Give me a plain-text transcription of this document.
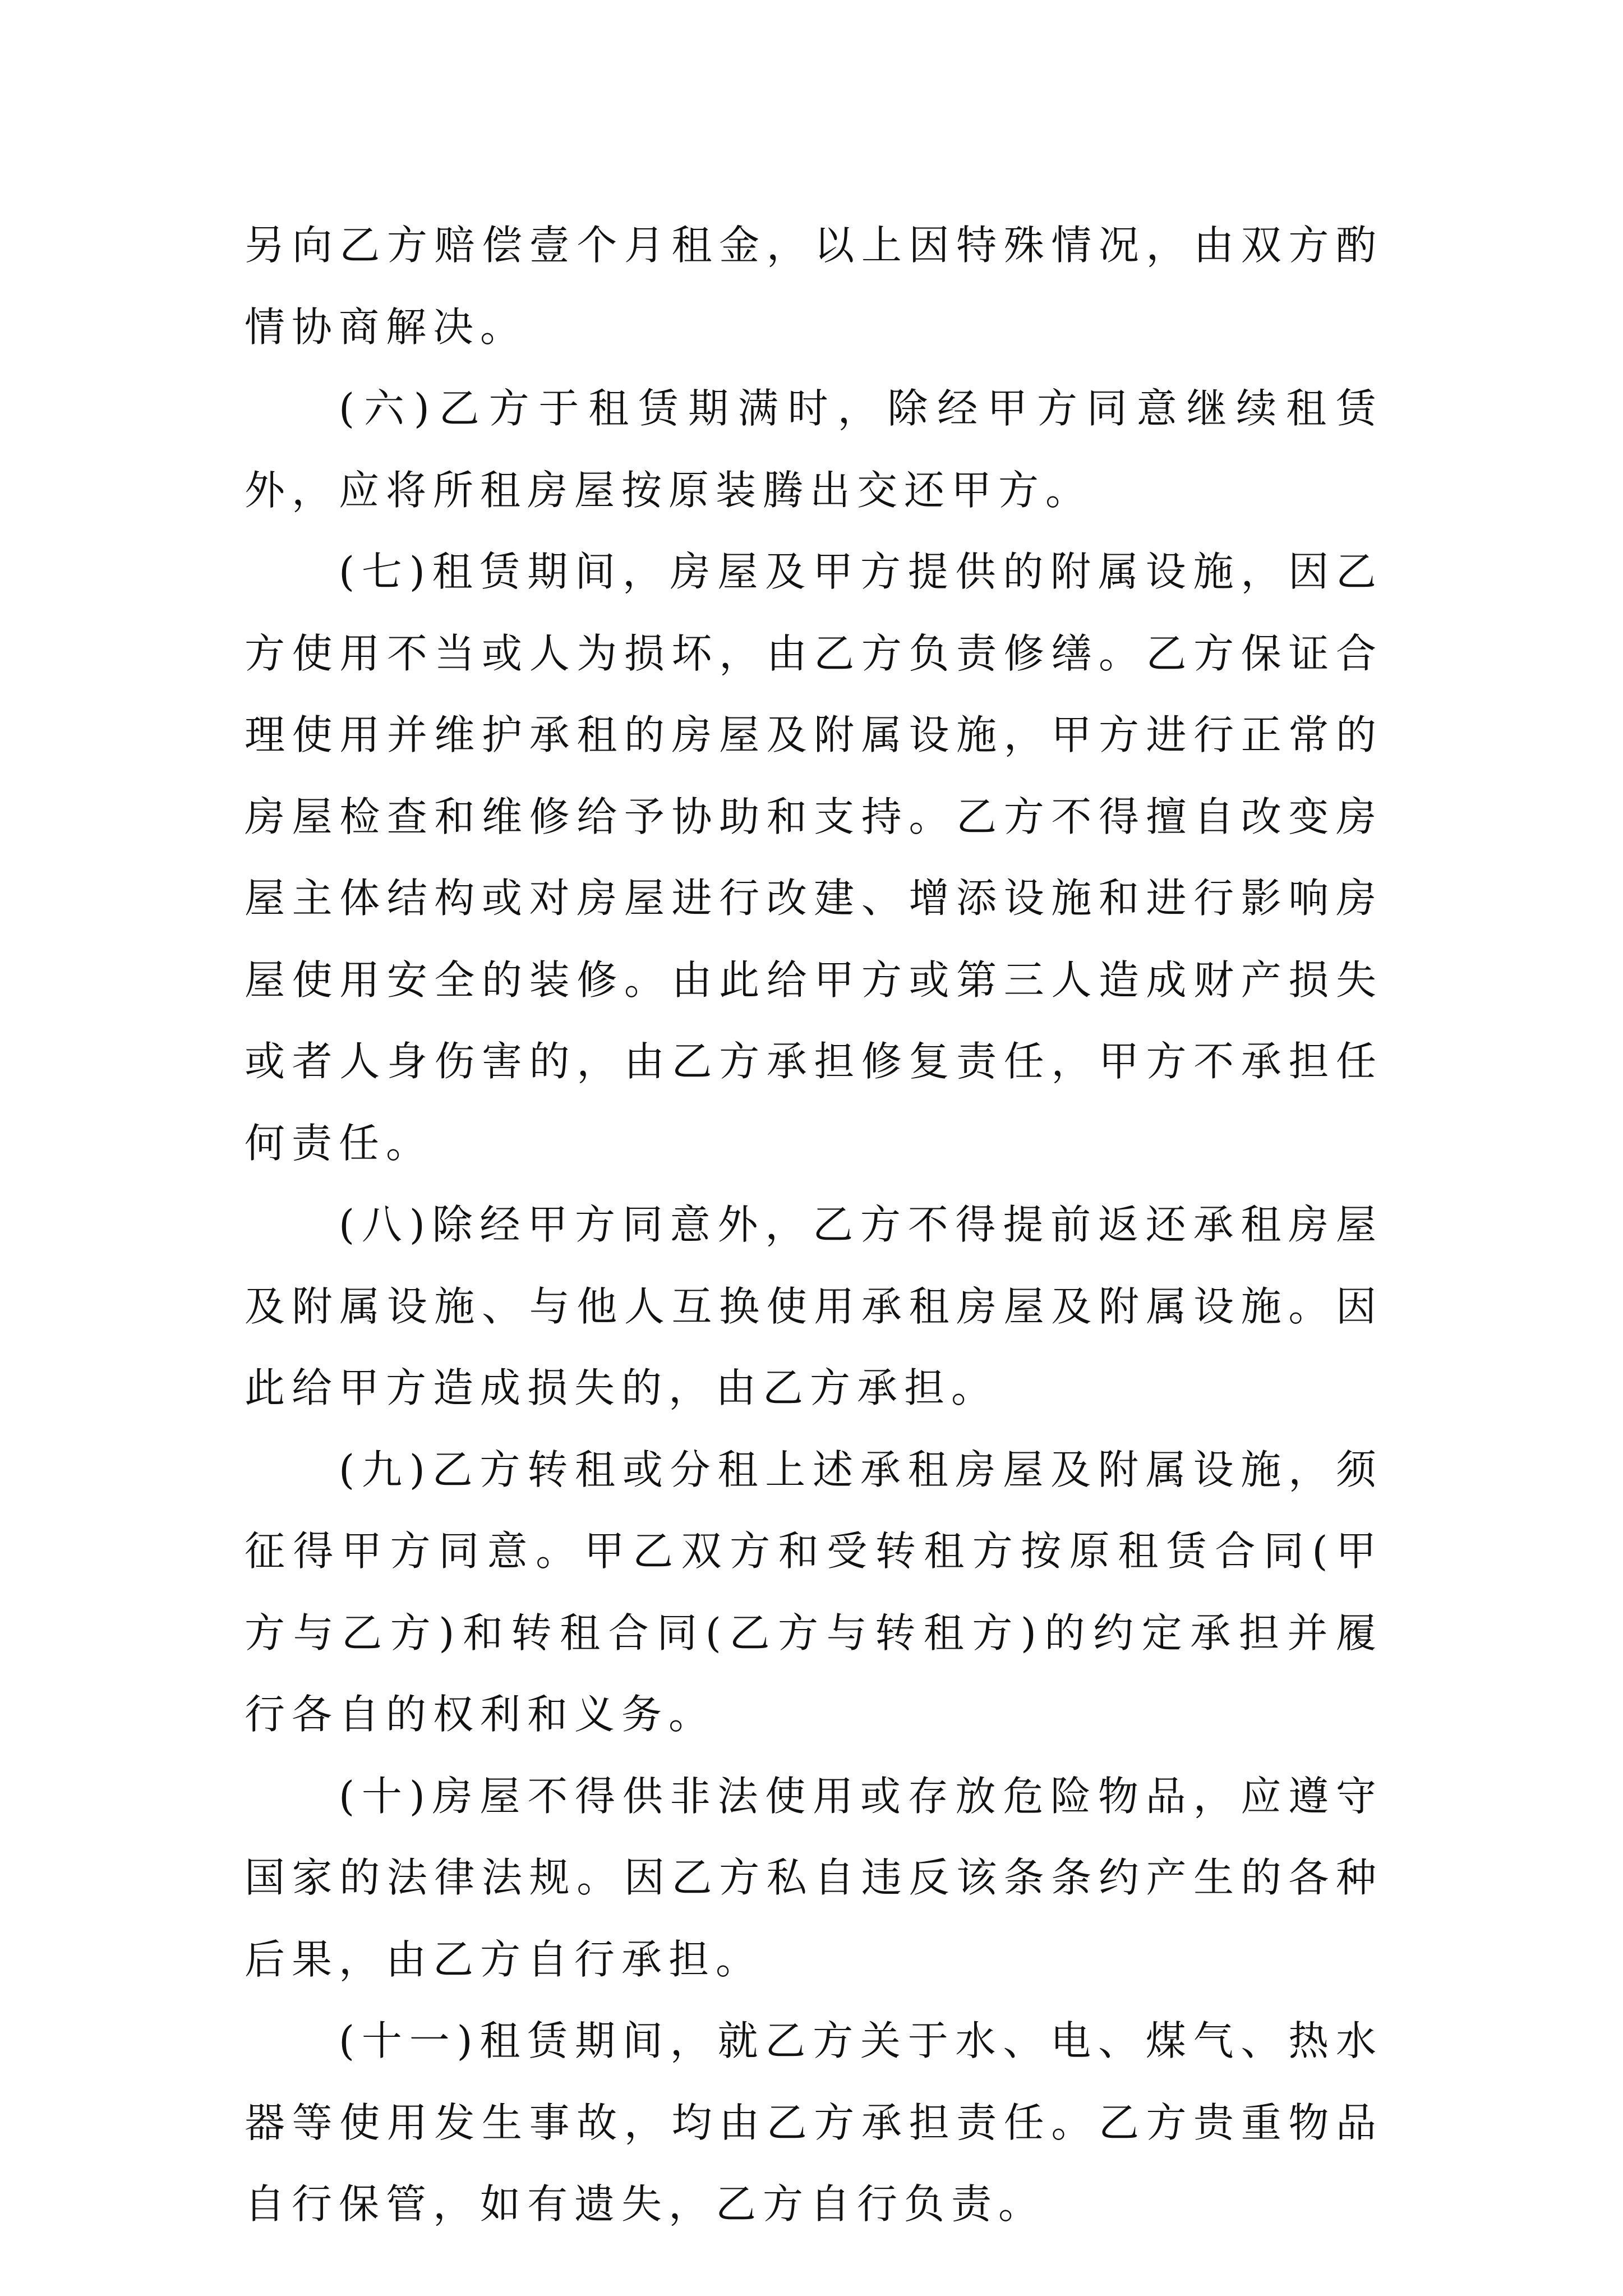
另向乙方赔偿壹个月租金，以上因特殊情况，由双方酌情协商解决。

(六)乙方于租赁期满时，除经甲方同意继续租赁外，应将所租房屋按原装腾出交还甲方。

(七)租赁期间，房屋及甲方提供的附属设施，因乙方使用不当或人为损坏，由乙方负责修缮。乙方保证合理使用并维护承租的房屋及附属设施，甲方进行正常的房屋检查和维修给予协助和支持。乙方不得擅自改变房屋主体结构或对房屋进行改建、增添设施和进行影响房屋使用安全的装修。由此给甲方或第三人造成财产损失或者人身伤害的，由乙方承担修复责任，甲方不承担任何责任。

(八)除经甲方同意外，乙方不得提前返还承租房屋及附属设施、与他人互换使用承租房屋及附属设施。因此给甲方造成损失的，由乙方承担。

(九)乙方转租或分租上述承租房屋及附属设施，须征得甲方同意。甲乙双方和受转租方按原租赁合同(甲方与乙方)和转租合同(乙方与转租方)的约定承担并履行各自的权利和义务。

(十)房屋不得供非法使用或存放危险物品，应遵守国家的法律法规。因乙方私自违反该条条约产生的各种后果，由乙方自行承担。

(十一)租赁期间，就乙方关于水、电、煤气、热水器等使用发生事故，均由乙方承担责任。乙方贵重物品自行保管，如有遗失，乙方自行负责。
